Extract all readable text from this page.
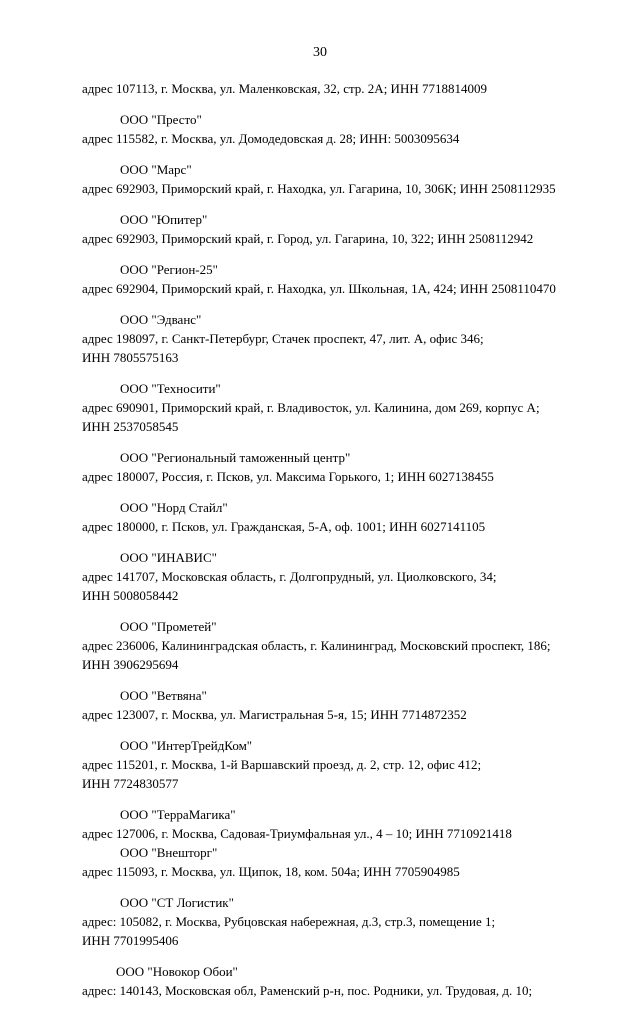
30
адрес 107113, г. Москва, ул. Маленковская, 32, стр. 2А; ИНН 7718814009
ООО "Престо"
адрес 115582, г. Москва, ул. Домодедовская д. 28; ИНН: 5003095634
ООО "Марс"
адрес 692903, Приморский край, г. Находка, ул. Гагарина, 10, 306К; ИНН 2508112935
ООО "Юпитер"
адрес 692903, Приморский край, г. Город, ул. Гагарина, 10, 322; ИНН 2508112942
ООО "Регион-25"
адрес 692904, Приморский край, г. Находка, ул. Школьная, 1А, 424; ИНН 2508110470
ООО "Эдванс"
адрес 198097, г. Санкт-Петербург, Стачек проспект, 47, лит. А, офис 346;
ИНН 7805575163
ООО "Техносити"
адрес 690901, Приморский край, г. Владивосток, ул. Калинина, дом 269, корпус А;
ИНН 2537058545
ООО "Региональный таможенный центр"
адрес 180007, Россия, г. Псков, ул. Максима Горького, 1; ИНН 6027138455
ООО "Норд Стайл"
адрес 180000, г. Псков, ул. Гражданская, 5-А, оф. 1001; ИНН 6027141105
ООО "ИНАВИС"
адрес 141707, Московская область, г. Долгопрудный, ул. Циолковского, 34;
ИНН 5008058442
ООО "Прометей"
адрес 236006, Калининградская область, г. Калининград, Московский проспект, 186;
ИНН 3906295694
ООО "Ветвяна"
адрес 123007, г. Москва, ул. Магистральная 5-я, 15; ИНН 7714872352
ООО "ИнтерТрейдКом"
адрес 115201, г. Москва, 1-й Варшавский проезд, д. 2, стр. 12, офис 412;
ИНН 7724830577
ООО "ТерраМагика"
адрес 127006, г. Москва, Садовая-Триумфальная ул., 4 – 10; ИНН 7710921418
ООО "Внешторг"
адрес 115093, г. Москва, ул. Щипок, 18, ком. 504а; ИНН 7705904985
ООО "СТ Логистик"
адрес: 105082, г. Москва, Рубцовская набережная, д.3, стр.3, помещение 1;
ИНН 7701995406
ООО "Новокор Обои"
адрес: 140143, Московская обл, Раменский р-н, пос. Родники, ул. Трудовая, д. 10;
